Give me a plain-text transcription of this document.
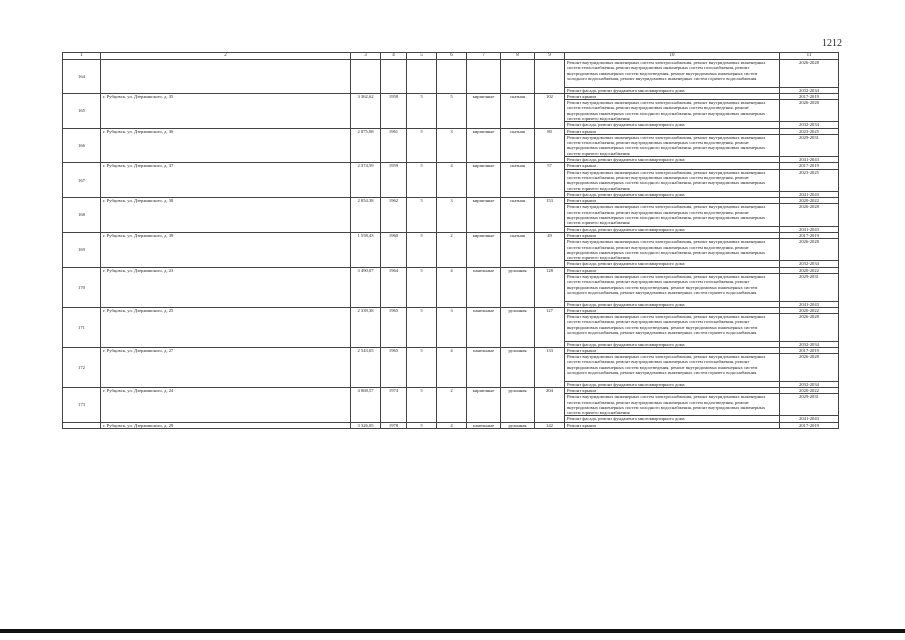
1212
1	2	3	4	5	6	7	8	9	10	11
164									Ремонт внутридомовых инженерных систем электроснабжения, ремонт внутридомовых инженерных систем теплоснабжения, ремонт внутридомовых инженерных систем газоснабжения, ремонт внутридомовых инженерных систем водоотведения, ремонт внутридомовых инженерных систем холодного водоснабжения, ремонт внутридомовых инженерных систем горячего водоснабжения	2026-2028
									Ремонт фасада, ремонт фундамента многоквартирного дома	2032-2034
165	г. Рубцовск, ул. Дзержинского, д. 35	3 362,62	1958	5	5	кирпичные	скатная	102	Ремонт крыши	2017-2019
									Ремонт внутридомовых инженерных систем электроснабжения, ремонт внутридомовых инженерных систем теплоснабжения, ремонт внутридомовых инженерных систем водоотведения, ремонт внутридомовых инженерных систем холодного водоснабжения, ремонт внутридомовых инженерных систем горячего водоснабжения	2026-2028
									Ремонт фасада, ремонт фундамента многоквартирного дома	2032-2034
166	г. Рубцовск, ул. Дзержинского, д. 36	2 875,08	1961	5	3	кирпичные	скатная	80	Ремонт крыши	2023-2025
									Ремонт внутридомовых инженерных систем электроснабжения, ремонт внутридомовых инженерных систем теплоснабжения, ремонт внутридомовых инженерных систем водоотведения, ремонт внутридомовых инженерных систем холодного водоснабжения, ремонт внутридомовых инженерных систем горячего водоснабжения	2029-2031
									Ремонт фасада, ремонт фундамента многоквартирного дома	2041-2043
167	г. Рубцовск, ул. Дзержинского, д. 37	2 374,59	1959	5	4	кирпичные	скатная	57	Ремонт крыши	2017-2019
									Ремонт внутридомовых инженерных систем электроснабжения, ремонт внутридомовых инженерных систем теплоснабжения, ремонт внутридомовых инженерных систем водоотведения, ремонт внутридомовых инженерных систем холодного водоснабжения, ремонт внутридомовых инженерных систем горячего водоснабжения	2023-2025
									Ремонт фасада, ремонт фундамента многоквартирного дома	2041-2043
168	г. Рубцовск, ул. Дзержинского, д. 38	2 854,38	1962	5	3	кирпичные	скатная	153	Ремонт крыши	2020-2022
									Ремонт внутридомовых инженерных систем электроснабжения, ремонт внутридомовых инженерных систем теплоснабжения, ремонт внутридомовых инженерных систем водоотведения, ремонт внутридомовых инженерных систем холодного водоснабжения, ремонт внутридомовых инженерных систем горячего водоснабжения	2026-2028
									Ремонт фасада, ремонт фундамента многоквартирного дома	2041-2043
169	г. Рубцовск, ул. Дзержинского, д. 39	1 558,43	1960	5	2	кирпичные	скатная	49	Ремонт крыши	2017-2019
									Ремонт внутридомовых инженерных систем электроснабжения, ремонт внутридомовых инженерных систем теплоснабжения, ремонт внутридомовых инженерных систем водоотведения, ремонт внутридомовых инженерных систем холодного водоснабжения, ремонт внутридомовых инженерных систем горячего водоснабжения	2026-2028
									Ремонт фасада, ремонт фундамента многоквартирного дома	2032-2034
170	г. Рубцовск, ул. Дзержинского, д. 23	3 490,07	1964	5	4	панельные	рулонная	128	Ремонт крыши	2020-2022
									Ремонт внутридомовых инженерных систем электроснабжения, ремонт внутридомовых инженерных систем теплоснабжения, ремонт внутридомовых инженерных систем газоснабжения, ремонт внутридомовых инженерных систем водоотведения, ремонт внутридомовых инженерных систем холодного водоснабжения, ремонт внутридомовых инженерных систем горячего водоснабжения	2029-2031
									Ремонт фасада, ремонт фундамента многоквартирного дома	2041-2043
171	г. Рубцовск, ул. Дзержинского, д. 25	2 339,38	1965	5	3	панельные	рулонная	127	Ремонт крыши	2020-2022
									Ремонт внутридомовых инженерных систем электроснабжения, ремонт внутридомовых инженерных систем теплоснабжения, ремонт внутридомовых инженерных систем газоснабжения, ремонт внутридомовых инженерных систем водоотведения, ремонт внутридомовых инженерных систем холодного водоснабжения, ремонт внутридомовых инженерных систем горячего водоснабжения	2026-2028
									Ремонт фасада, ремонт фундамента многоквартирного дома	2032-2034
172	г. Рубцовск, ул. Дзержинского, д. 27	2 543,05	1965	5	4	панельные	рулонная	133	Ремонт крыши	2017-2019
									Ремонт внутридомовых инженерных систем электроснабжения, ремонт внутридомовых инженерных систем теплоснабжения, ремонт внутридомовых инженерных систем газоснабжения, ремонт внутридомовых инженерных систем водоотведения, ремонт внутридомовых инженерных систем холодного водоснабжения, ремонт внутридомовых инженерных систем горячего водоснабжения	2026-2028
									Ремонт фасада, ремонт фундамента многоквартирного дома	2032-2034
173	г. Рубцовск, ул. Дзержинского, д. 24	4 868,57	1974	5	2	кирпичные	рулонная	204	Ремонт крыши	2020-2022
									Ремонт внутридомовых инженерных систем электроснабжения, ремонт внутридомовых инженерных систем теплоснабжения, ремонт внутридомовых инженерных систем водоотведения, ремонт внутридомовых инженерных систем холодного водоснабжения, ремонт внутридомовых инженерных систем горячего водоснабжения	2029-2031
									Ремонт фасада, ремонт фундамента многоквартирного дома	2041-2043
	г. Рубцовск, ул. Дзержинского, д. 29	3 326,05	1978	5	4	панельные	рулонная	142	Ремонт крыши	2017-2019
